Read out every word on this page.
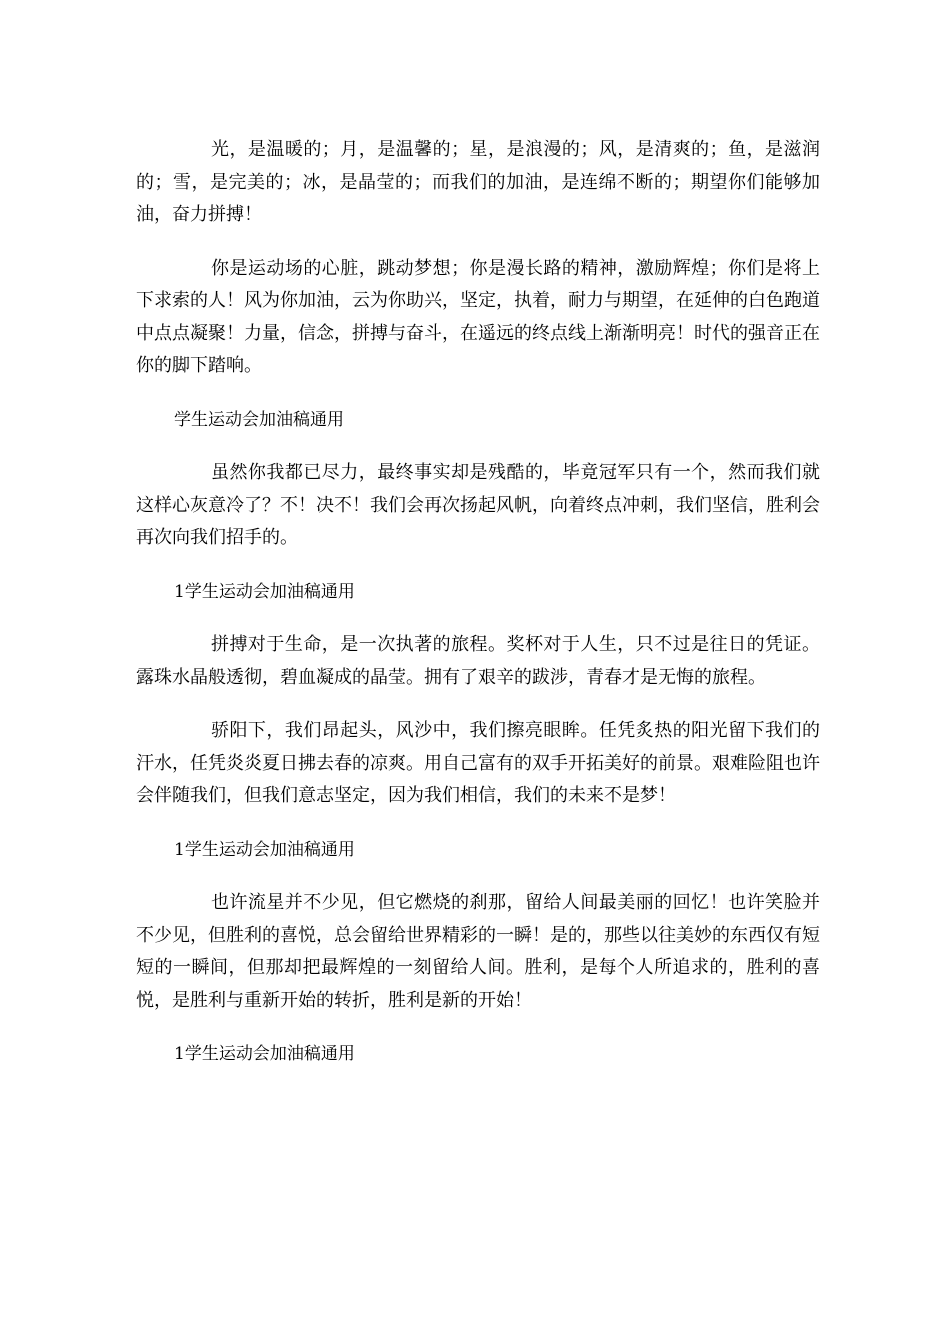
光，是温暖的；月，是温馨的；星，是浪漫的；风，是清爽的；鱼，是滋润的；雪，是完美的；冰，是晶莹的；而我们的加油，是连绵不断的；期望你们能够加油，奋力拼搏！

你是运动场的心脏，跳动梦想；你是漫长路的精神，激励辉煌；你们是将上下求索的人！风为你加油，云为你助兴，坚定，执着，耐力与期望，在延伸的白色跑道中点点凝聚！力量，信念，拼搏与奋斗，在遥远的终点线上渐渐明亮！时代的强音正在你的脚下踏响。

学生运动会加油稿通用

虽然你我都已尽力，最终事实却是残酷的，毕竟冠军只有一个，然而我们就这样心灰意冷了？不！决不！我们会再次扬起风帆，向着终点冲刺，我们坚信，胜利会再次向我们招手的。

1学生运动会加油稿通用

拼搏对于生命，是一次执著的旅程。奖杯对于人生，只不过是往日的凭证。露珠水晶般透彻，碧血凝成的晶莹。拥有了艰辛的跋涉，青春才是无悔的旅程。

骄阳下，我们昂起头，风沙中，我们擦亮眼眸。任凭炙热的阳光留下我们的汗水，任凭炎炎夏日拂去春的凉爽。用自己富有的双手开拓美好的前景。艰难险阻也许会伴随我们，但我们意志坚定，因为我们相信，我们的未来不是梦！

1学生运动会加油稿通用

也许流星并不少见，但它燃烧的刹那，留给人间最美丽的回忆！也许笑脸并不少见，但胜利的喜悦，总会留给世界精彩的一瞬！是的，那些以往美妙的东西仅有短短的一瞬间，但那却把最辉煌的一刻留给人间。胜利，是每个人所追求的，胜利的喜悦，是胜利与重新开始的转折，胜利是新的开始！

1学生运动会加油稿通用
